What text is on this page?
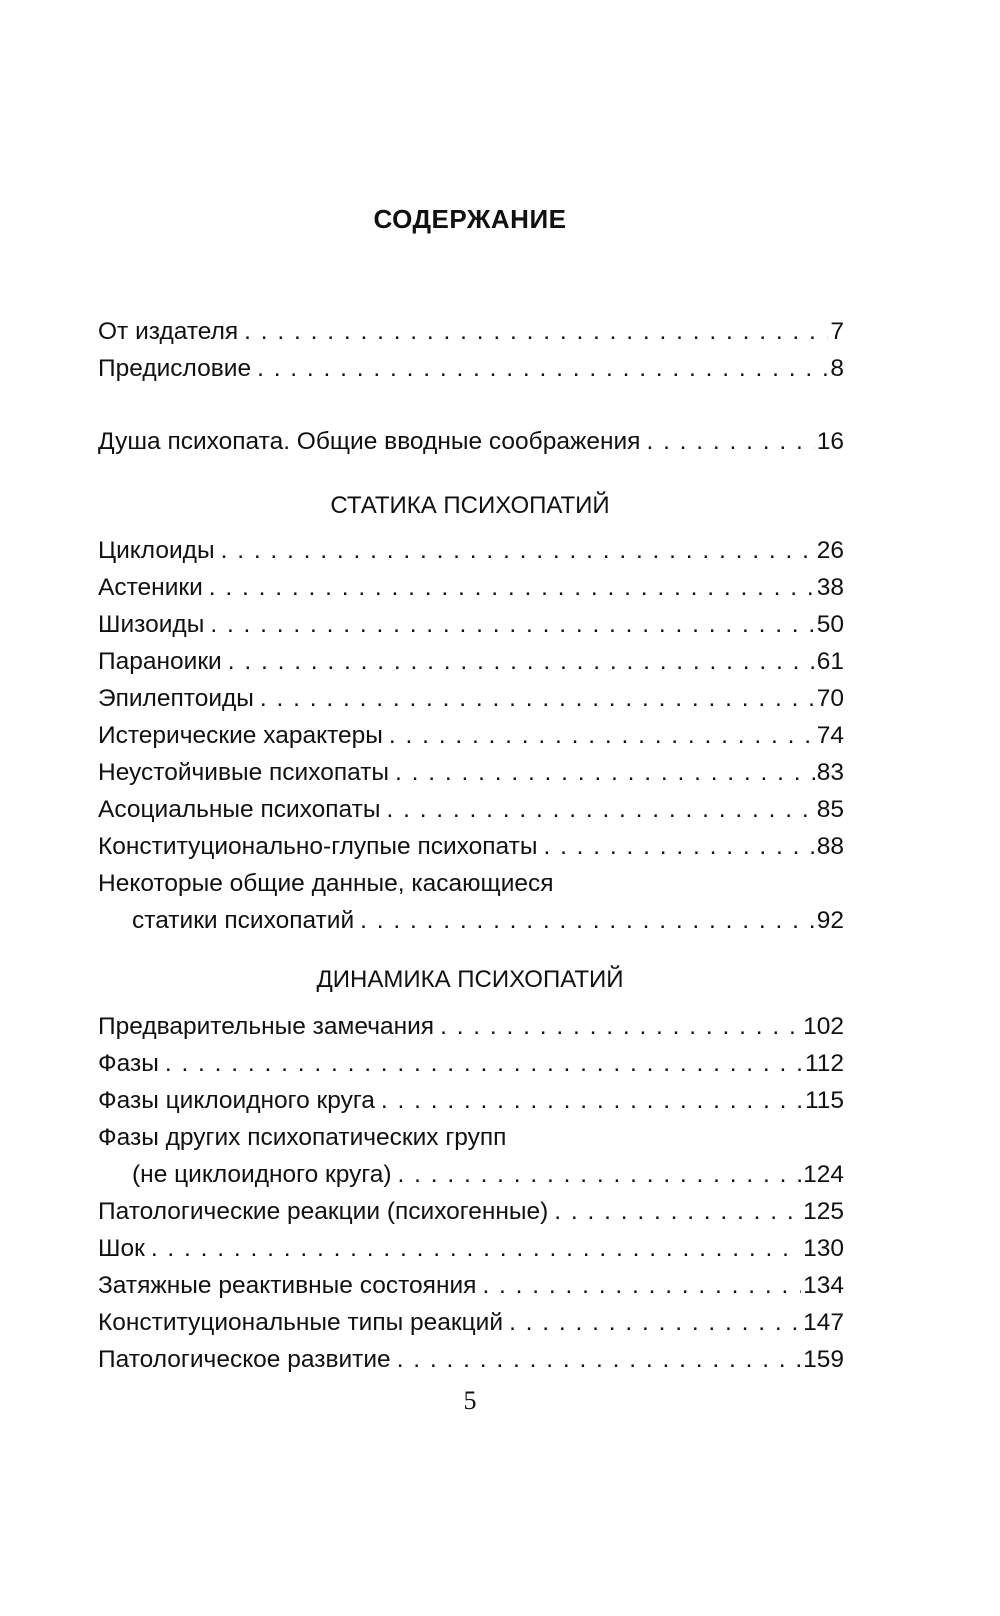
СОДЕРЖАНИЕ
От издателя . . .	7
Предисловие . . .	8
Душа психопата. Общие вводные соображения . . .	16
СТАТИКА ПСИХОПАТИЙ
Циклоиды . . .	26
Астеники . . .	38
Шизоиды . . .	50
Параноики . . .	61
Эпилептоиды . . .	70
Истерические характеры . . .	74
Неустойчивые психопаты . . .	83
Асоциальные психопаты . . .	85
Конституционально-глупые психопаты . . .	88
Некоторые общие данные, касающиеся
статики психопатий . . .	92
ДИНАМИКА ПСИХОПАТИЙ
Предварительные замечания . . .	102
Фазы . . .	112
Фазы циклоидного круга . . .	115
Фазы других психопатических групп
(не циклоидного круга) . . .	124
Патологические реакции (психогенные) . . .	125
Шок . . .	130
Затяжные реактивные состояния . . .	134
Конституциональные типы реакций . . .	147
Патологическое развитие . . .	159
5
